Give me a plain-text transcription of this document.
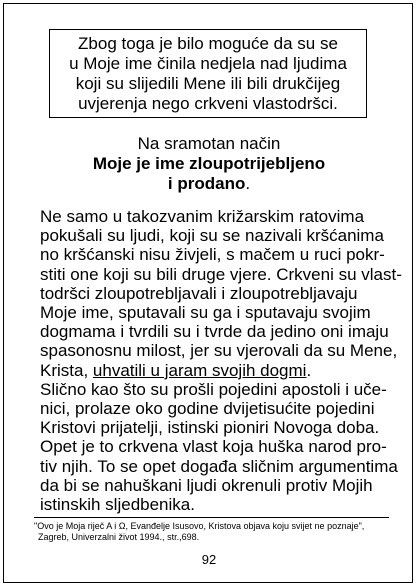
Zbog toga je bilo moguće da su se
u Moje ime činila nedjela nad ljudima
koji su slijedili Mene ili bili drukčijeg
uvjerenja nego crkveni vlastodršci.
Na sramotan način
Moje je ime zloupotrijebljeno
i prodano.
Ne samo u takozvanim križarskim ratovima
pokušali su ljudi, koji su se nazivali kršćanima
no kršćanski nisu živjeli, s mačem u ruci pokr-
stiti one koji su bili druge vjere. Crkveni su vlast-
todršci zloupotrebljavali i zloupotrebljavaju
Moje ime, sputavali su ga i sputavaju svojim
dogmama i tvrdili su i tvrde da jedino oni imaju
spasonosnu milost, jer su vjerovali da su Mene,
Krista, uhvatili u jaram svojih dogmi.
Slično kao što su prošli pojedini apostoli i uče-
nici, prolaze oko godine dvijetisućite pojedini
Kristovi prijatelji, istinski pioniri Novoga doba.
Opet je to crkvena vlast koja huška narod pro-
tiv njih. To se opet događa sličnim argumentima
da bi se nahuškani ljudi okrenuli protiv Mojih
istinskih sljedbenika.
"Ovo je Moja riječ A i Ω, Evanđelje Isusovo, Kristova objava koju svijet ne poznaje",
Zagreb, Univerzalni život 1994., str.,698.
92
